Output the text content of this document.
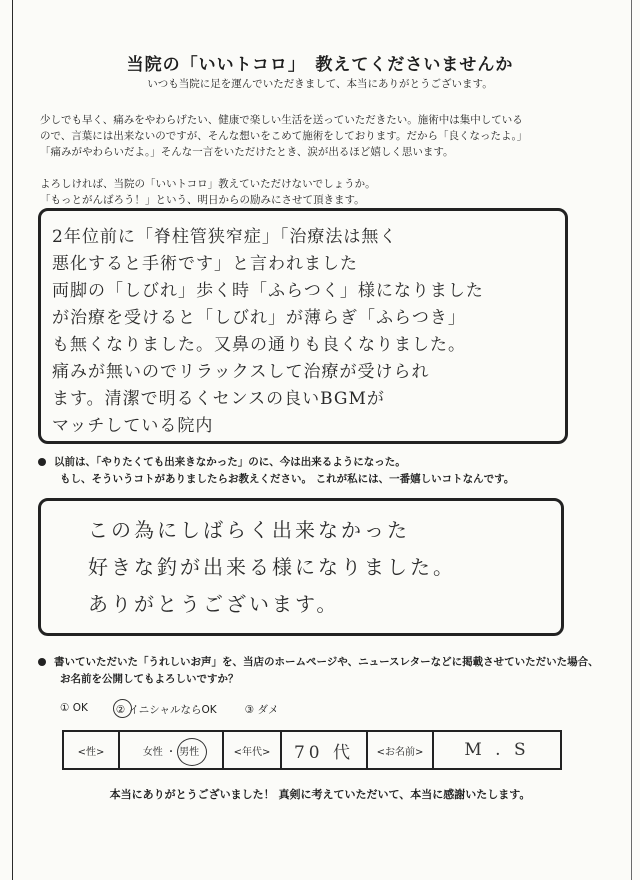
当院の「いいトコロ」　教えてくださいませんか
いつも当院に足を運んでいただきまして、本当にありがとうございます。
少しでも早く、痛みをやわらげたい、健康で楽しい生活を送っていただきたい。施術中は集中している
ので、言葉には出来ないのですが、そんな想いをこめて施術をしております。だから「良くなったよ。」
「痛みがやわらいだよ。」そんな一言をいただけたとき、涙が出るほど嬉しく思います。
よろしければ、当院の「いいトコロ」教えていただけないでしょうか。
「もっとがんばろう！」という、明日からの励みにさせて頂きます。
2年位前に「脊柱管狭窄症」「治療法は無く
悪化すると手術です」と言われました
両脚の「しびれ」歩く時「ふらつく」様になりました
が治療を受けると「しびれ」が薄らぎ「ふらつき」
も無くなりました。又鼻の通りも良くなりました。
痛みが無いのでリラックスして治療が受けられ
ます。清潔で明るくセンスの良いBGMが
マッチしている院内
以前は、「やりたくても出来きなかった」のに、今は出来るようになった。
もし、そういうコトがありましたらお教えください。 これが私には、一番嬉しいコトなんです。
この為にしばらく出来なかった
好きな釣が出来る様になりました。
ありがとうございます。
書いていただいた「うれしいお声」を、当店のホームページや、ニュースレターなどに掲載させていただいた場合、
お名前を公開してもよろしいですか？
① OK	② イニシャルならOK	③ ダメ
<性>	女性 ・ 男性	<年代>	70 代	<お名前>	M . S
本当にありがとうございました！ 真剣に考えていただいて、本当に感謝いたします。
